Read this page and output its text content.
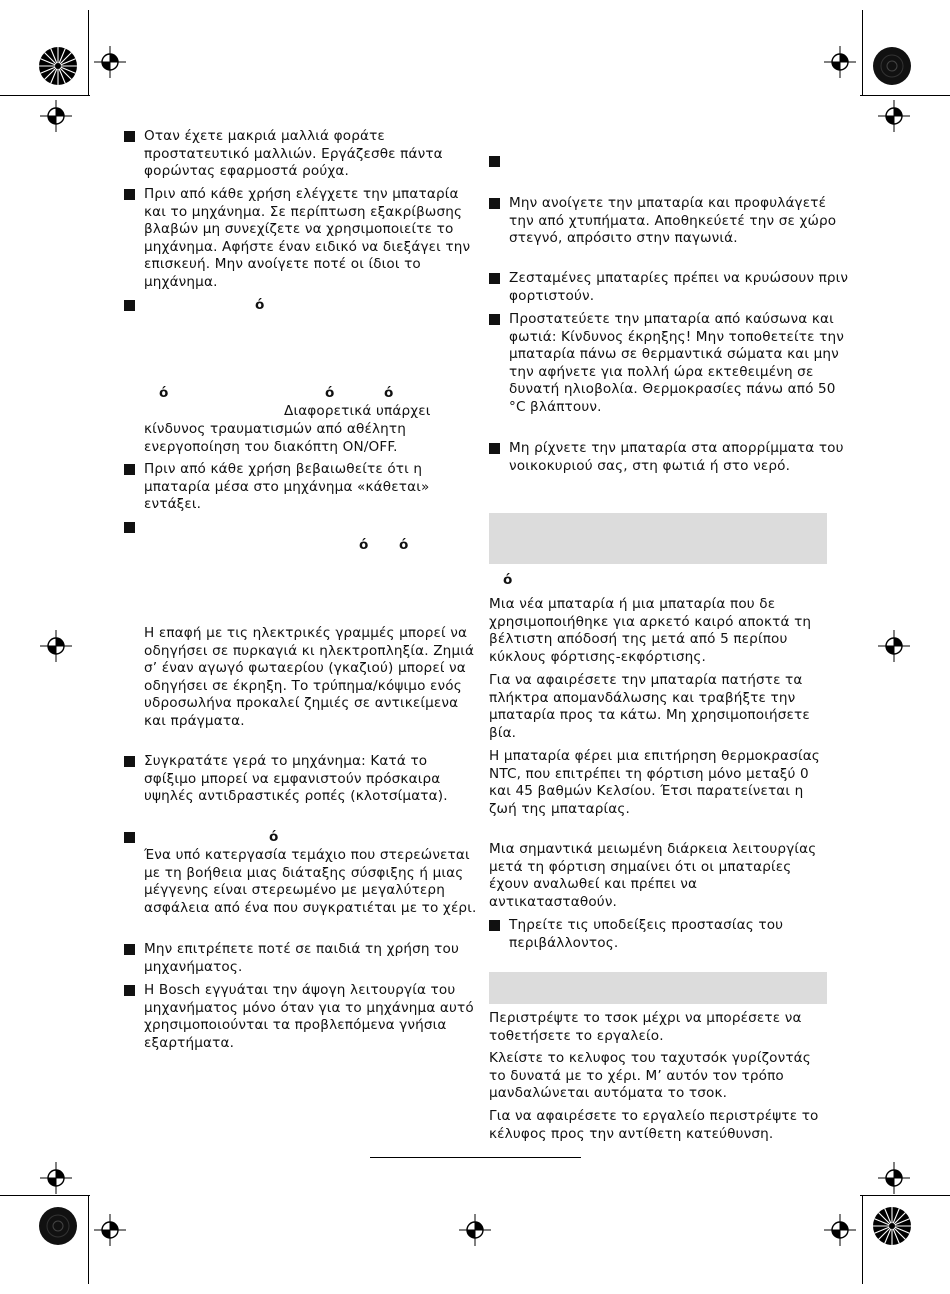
Οταν έχετε μακριά μαλλιά φοράτε προστατευτικό μαλλιών. Εργάζεσθε πάντα φορώντας εφαρμοστά ρούχα.
Πριν από κάθε χρήση ελέγχετε την μπαταρία και το μηχάνημα. Σε περίπτωση εξακρίβωσης βλαβών μη συνεχίζετε να χρησιμοποιείτε το μηχάνημα. Αφήστε έναν ειδικό να διεξάγει την επισκευή. Μην ανοίγετε ποτέ οι ίδιοι το μηχάνημα.
ό
ό	ό	ό
Διαφορετικά υπάρχει
κίνδυνος τραυματισμών από αθέλητη ενεργοποίηση του διακόπτη ON/OFF.
Πριν από κάθε χρήση βεβαιωθείτε ότι η μπαταρία μέσα στο μηχάνημα «κάθεται» εντάξει.
ό ό
Η επαφή με τις ηλεκτρικές γραμμές μπορεί να οδηγήσει σε πυρκαγιά κι ηλεκτροπληξία. Ζημιά σ’ έναν αγωγό φωταερίου (γκαζιού) μπορεί να οδηγήσει σε έκρηξη. Το τρύπημα/κόψιμο ενός υδροσωλήνα προκαλεί ζημιές σε αντικείμενα και πράγματα.
Συγκρατάτε γερά το μηχάνημα: Κατά το σφίξιμο μπορεί να εμφανιστούν πρόσκαιρα υψηλές αντιδραστικές ροπές (κλοτσίματα).
ό
Ένα υπό κατεργασία τεμάχιο που στερεώνεται με τη βοήθεια μιας διάταξης σύσφιξης ή μιας μέγγενης είναι στερεωμένο με μεγαλύτερη ασφάλεια από ένα που συγκρατιέται με το χέρι.
Μην επιτρέπετε ποτέ σε παιδιά τη χρήση του μηχανήματος.
Η Bosch εγγυάται την άψογη λειτουργία του μηχανήματος μόνο όταν για το μηχάνημα αυτό χρησιμοποιούνται τα προβλεπόμενα γνήσια εξαρτήματα.
Μην ανοίγετε την μπαταρία και προφυλάγετέ την από χτυπήματα. Αποθηκεύετέ την σε χώρο στεγνό, απρόσιτο στην παγωνιά.
Ζεσταμένες μπαταρίες πρέπει να κρυώσουν πριν φορτιστούν.
Προστατεύετε την μπαταρία από καύσωνα και φωτιά: Κίνδυνος έκρηξης! Μην τοποθετείτε την μπαταρία πάνω σε θερμαντικά σώματα και μην την αφήνετε για πολλή ώρα εκτεθειμένη σε δυνατή ηλιοβολία. Θερμοκρασίες πάνω από 50 °C βλάπτουν.
Μη ρίχνετε την μπαταρία στα απορρίμματα του νοικοκυριού σας, στη φωτιά ή στο νερό.
ό
Μια νέα μπαταρία ή μια μπαταρία που δε χρησιμοποιήθηκε για αρκετό καιρό αποκτά τη βέλτιστη απόδοσή της μετά από 5 περίπου κύκλους φόρτισης-εκφόρτισης.
Για να αφαιρέσετε την μπαταρία πατήστε τα πλήκτρα απομανδάλωσης και τραβήξτε την μπαταρία προς τα κάτω. Μη χρησιμοποιήσετε βία.
Η μπαταρία φέρει μια επιτήρηση θερμοκρασίας NTC, που επιτρέπει τη φόρτιση μόνο μεταξύ 0 και 45 βαθμών Κελσίου. Έτσι παρατείνεται η ζωή της μπαταρίας.
Μια σημαντικά μειωμένη διάρκεια λειτουργίας μετά τη φόρτιση σημαίνει ότι οι μπαταρίες έχουν αναλωθεί και πρέπει να αντικατασταθούν.
Τηρείτε τις υποδείξεις προστασίας του περιβάλλοντος.
Περιστρέψτε το τσοκ μέχρι να μπορέσετε να τοθετήσετε το εργαλείο.
Κλείστε το κελυφος του ταχυτσόκ γυρίζοντάς το δυνατά με το χέρι. Μ’ αυτόν τον τρόπο μανδαλώνεται αυτόματα το τσοκ.
Για να αφαιρέσετε το εργαλείο περιστρέψτε το κέλυφος προς την αντίθετη κατεύθυνση.
